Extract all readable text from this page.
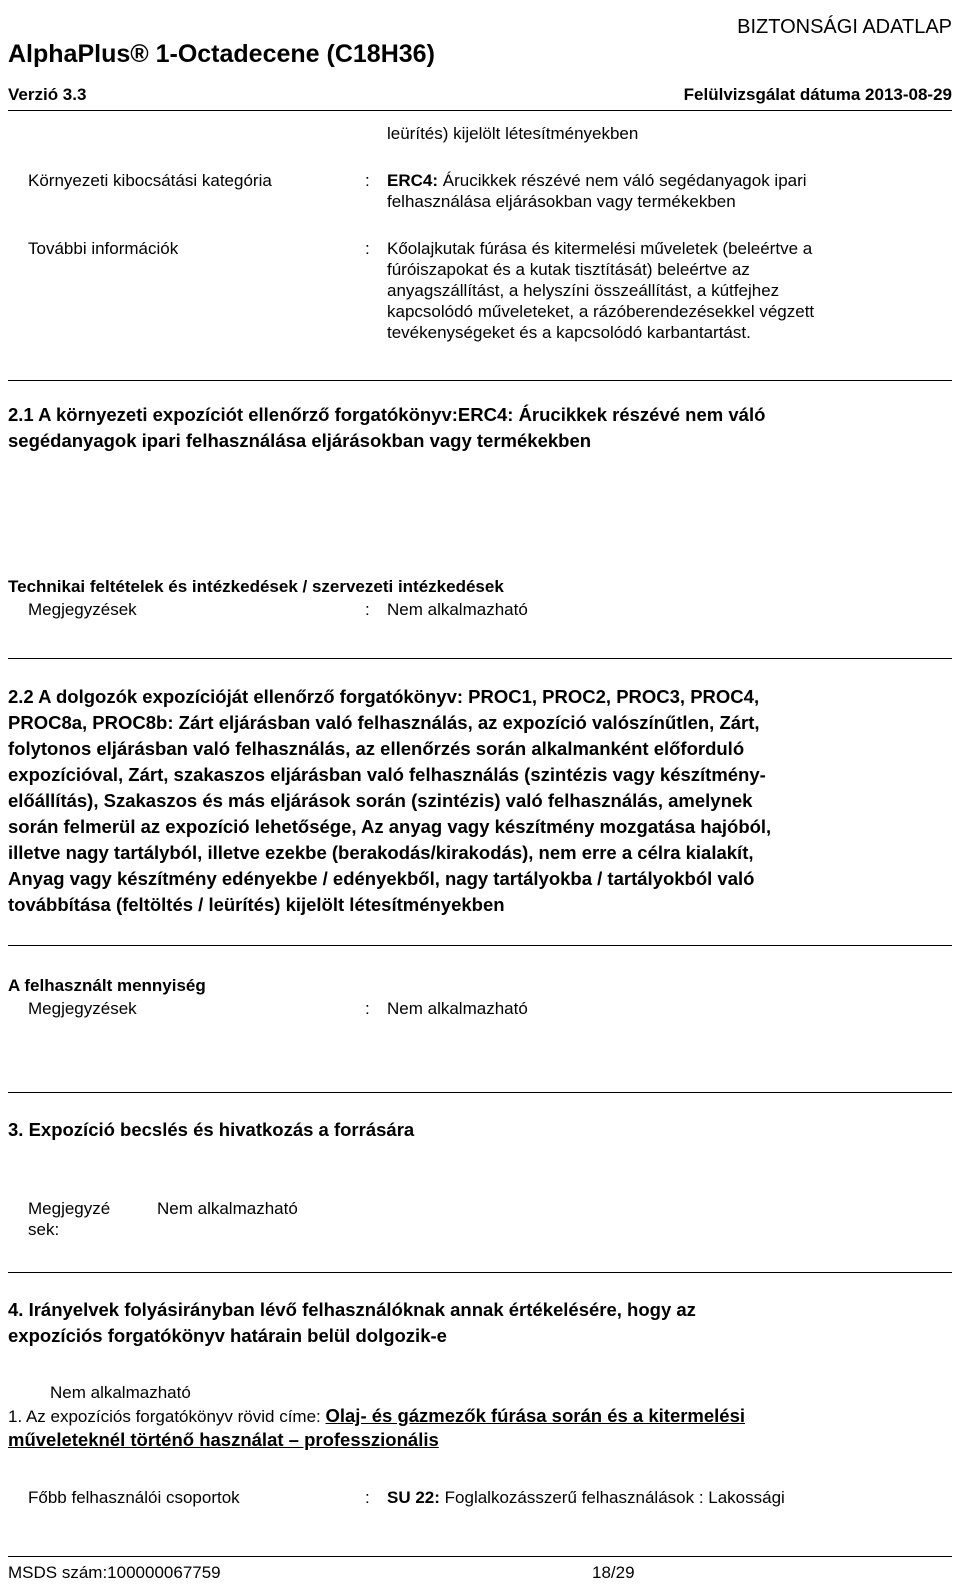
BIZTONSÁGI ADATLAP
AlphaPlus® 1-Octadecene (C18H36)
Verzió 3.3	Felülvizsgálat dátuma 2013-08-29
leürítés) kijelölt létesítményekben
Környezeti kibocsátási kategória	: ERC4: Árucikkek részévé nem váló segédanyagok ipari
felhasználása eljárásokban vagy termékekben
További információk	: Kőolajkutak fúrása és kitermelési műveletek (beleértve a
fúróiszapokat és a kutak tisztítását) beleértve az
anyagszállítást, a helyszíni összeállítást, a kútfejhez
kapcsolódó műveleteket, a rázóberendezésekkel végzett
tevékenységeket és a kapcsolódó karbantartást.
2.1 A környezeti expozíciót ellenőrző forgatókönyv:ERC4: Árucikkek részévé nem váló
segédanyagok ipari felhasználása eljárásokban vagy termékekben
Technikai feltételek és intézkedések / szervezeti intézkedések
Megjegyzések	: Nem alkalmazható
2.2 A dolgozók expozícióját ellenőrző forgatókönyv: PROC1, PROC2, PROC3, PROC4,
PROC8a, PROC8b: Zárt eljárásban való felhasználás, az expozíció valószínűtlen, Zárt,
folytonos eljárásban való felhasználás, az ellenőrzés során alkalmanként előforduló
expozícióval, Zárt, szakaszos eljárásban való felhasználás (szintézis vagy készítmény-
előállítás), Szakaszos és más eljárások során (szintézis) való felhasználás, amelynek
során felmerül az expozíció lehetősége, Az anyag vagy készítmény mozgatása hajóból,
illetve nagy tartályból, illetve ezekbe (berakodás/kirakodás), nem erre a célra kialakít,
Anyag vagy készítmény edényekbe / edényekből, nagy tartályokba / tartályokból való
továbbítása (feltöltés / leürítés) kijelölt létesítményekben
A felhasznált mennyiség
Megjegyzések	: Nem alkalmazható
3. Expozíció becslés és hivatkozás a forrására
Megjegyzé
sek:
Nem alkalmazható
4. Irányelvek folyásirányban lévő felhasználóknak annak értékelésére, hogy az
expozíciós forgatókönyv határain belül dolgozik-e
Nem alkalmazható
1. Az expozíciós forgatókönyv rövid címe: Olaj- és gázmezők fúrása során és a kitermelési
műveleteknél történő használat – professzionális
Főbb felhasználói csoportok	: SU 22: Foglalkozásszerű felhasználások : Lakossági
MSDS szám:100000067759	18/29
